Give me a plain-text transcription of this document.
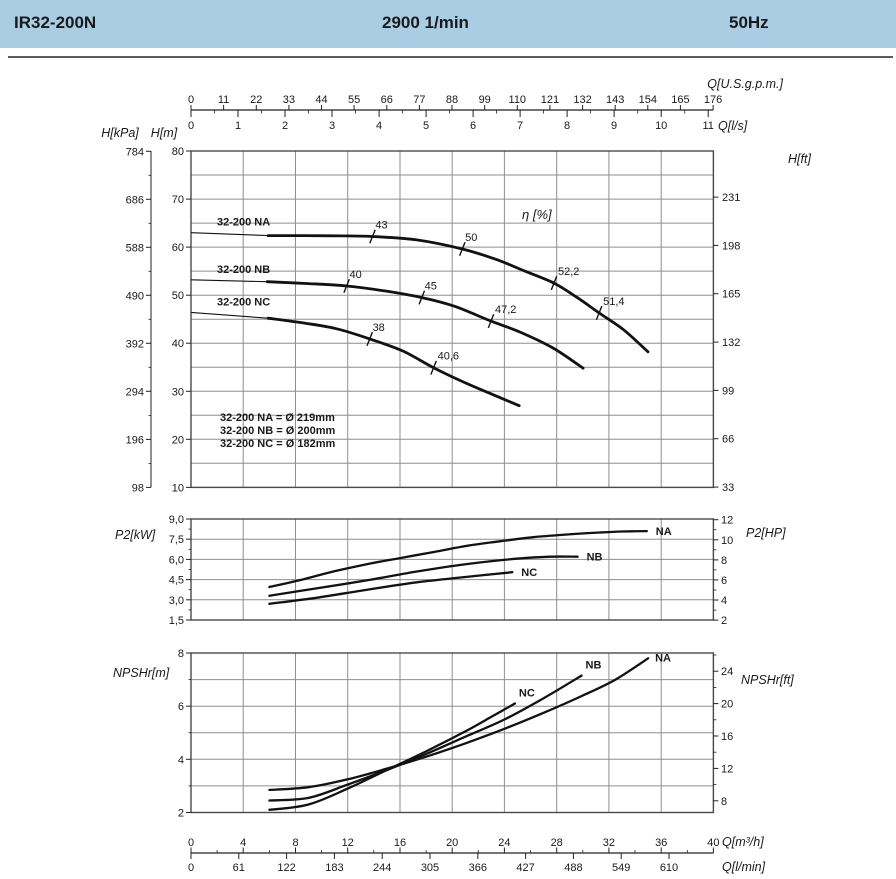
IR32-200N	2900 1/min	50Hz
0 11 22 33 44 55 66 77 88 99 110 121 132 143 154 165 176
0	1	2	3	4	5	6	7	8	9	10	11
Q[U.S.g.p.m.]
Q[l/s]
H[kPa] H[m]
784
686
588
490
392
294
196
98
80
70
60
50
40
30
20
10
H[ft]
231
198
165
132
99
66
33
η [%]
32-200 NA	43
50
52,2
51,4
32-200 NB	40
45
47,2
32-200 NC
38
40,6
32-200 NA = Ø 219mm
32-200 NB = Ø 200mm
32-200 NC = Ø 182mm
P2[kW]
9,0
7,5
6,0
4,5
3,0
1,5
P2[HP]
12
10
8
6
4
2
NA
NB
NC
NPSHr[m]
8
6
4
2
NPSHr[ft]
24
20
16
12
8
NA
NB
NC
0	4	8	12	16	20	24	28	32	36	40
0	61	122	183	244	305	366	427	488	549	610
Q[m³/h]
Q[l/min]
